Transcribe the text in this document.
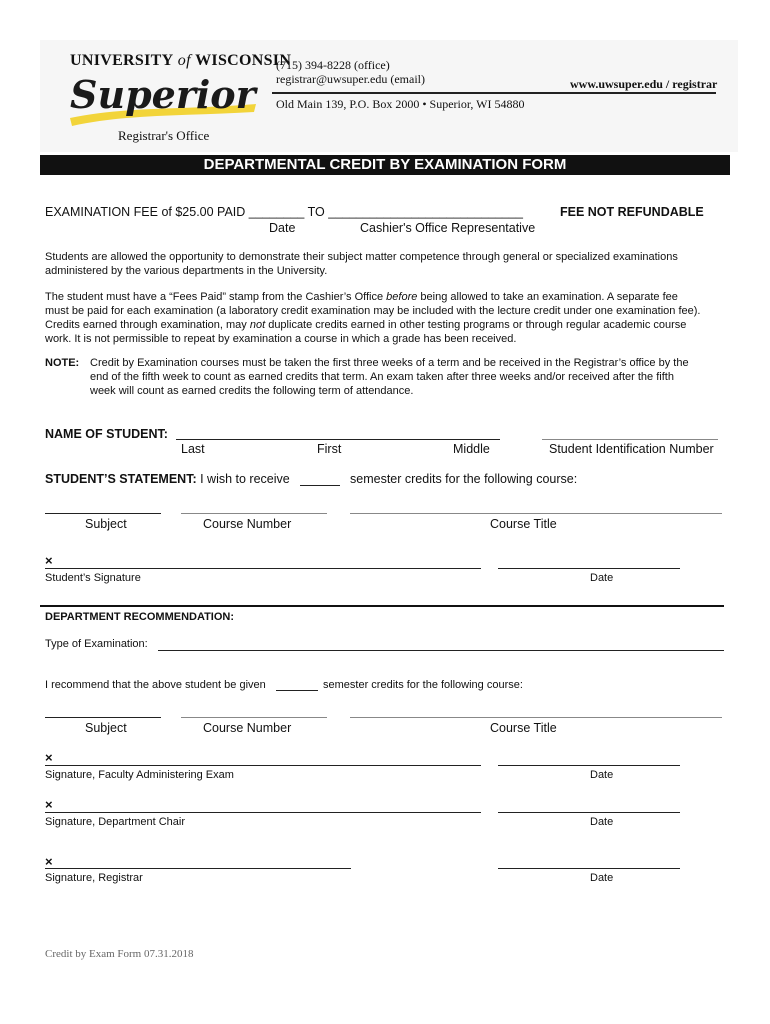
UNIVERSITY of WISCONSIN
Superior
Registrar's Office
(715) 394-8228 (office)
registrar@uwsuper.edu (email)	www.uwsuper.edu / registrar
Old Main 139, P.O. Box 2000 • Superior, WI 54880
DEPARTMENTAL CREDIT BY EXAMINATION FORM
EXAMINATION FEE of $25.00 PAID ________ TO ____________________________	FEE NOT REFUNDABLE
Date	Cashier's Office Representative
Students are allowed the opportunity to demonstrate their subject matter competence through general or specialized examinations
administered by the various departments in the University.
The student must have a “Fees Paid” stamp from the Cashier’s Office before being allowed to take an examination. A separate fee
must be paid for each examination (a laboratory credit examination may be included with the lecture credit under one examination fee).
Credits earned through examination, may not duplicate credits earned in other testing programs or through regular academic course
work. It is not permissible to repeat by examination a course in which a grade has been received.
NOTE: Credit by Examination courses must be taken the first three weeks of a term and be received in the Registrar’s office by the
end of the fifth week to count as earned credits that term. An exam taken after three weeks and/or received after the fifth
week will count as earned credits the following term of attendance.
NAME OF STUDENT:
Last	First	Middle	Student Identification Number
STUDENT’S STATEMENT: I wish to receive	semester credits for the following course:
Subject	Course Number	Course Title
×
Student’s Signature	Date
DEPARTMENT RECOMMENDATION:
Type of Examination:
I recommend that the above student be given	semester credits for the following course:
Subject	Course Number	Course Title
×
Signature, Faculty Administering Exam	Date
×
Signature, Department Chair	Date
×
Signature, Registrar	Date
Credit by Exam Form 07.31.2018
